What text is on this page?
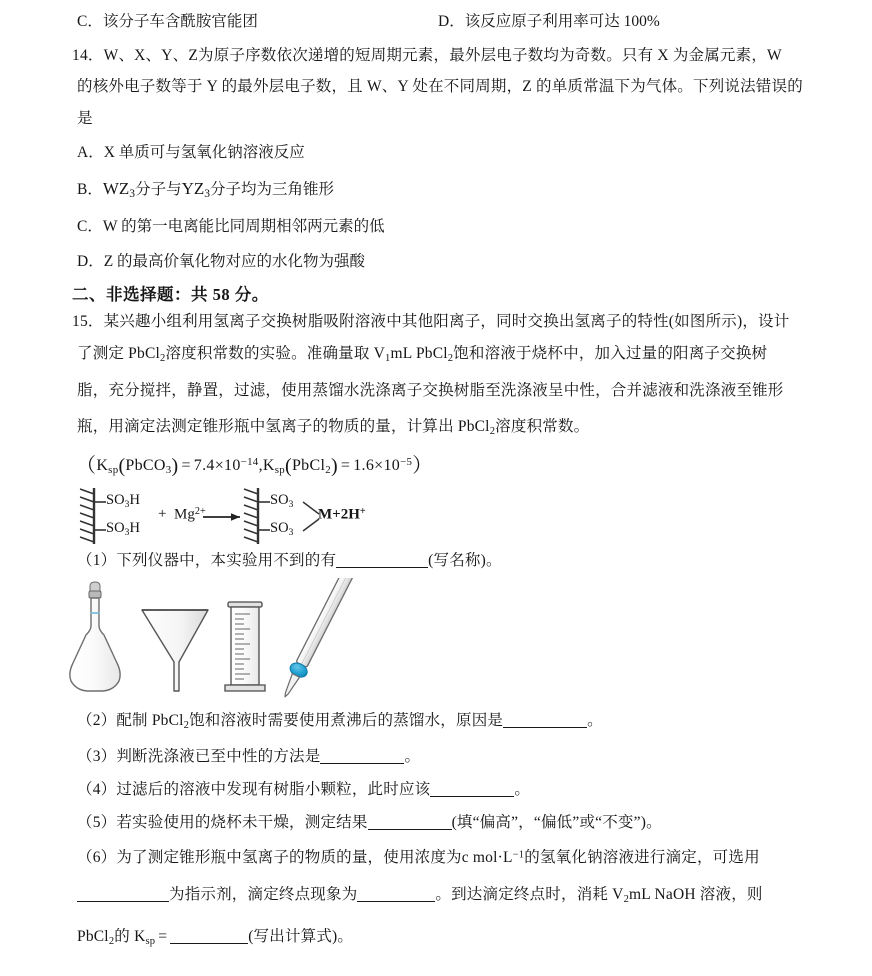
C．该分子车含酰胺官能团	D．该反应原子利用率可达 100%
14．W、X、Y、Z为原子序数依次递增的短周期元素，最外层电子数均为奇数。只有 X 为金属元素，W
的核外电子数等于 Y 的最外层电子数，且 W、Y 处在不同周期，Z 的单质常温下为气体。下列说法错误的
是
A．X 单质可与氢氧化钠溶液反应
B．$WZ_3$分子与$YZ_3$分子均为三角锥形
C．W 的第一电离能比同周期相邻两元素的低
D．Z 的最高价氧化物对应的水化物为强酸
二、非选择题：共 58 分。
15．某兴趣小组利用氢离子交换树脂吸附溶液中其他阳离子，同时交换出氢离子的特性(如图所示)，设计
了测定 PbCl$_2$溶度积常数的实验。准确量取 $V_1mL$ PbCl$_2$饱和溶液于烧杯中，加入过量的阳离子交换树
脂，充分搅拌，静置，过滤，使用蒸馏水洗涤离子交换树脂至洗涤液呈中性，合并滤液和洗涤液至锥形
瓶，用滴定法测定锥形瓶中氢离子的物质的量，计算出 PbCl$_2$溶度积常数。
（$K_{sp}(PbCO_3)$ = $7.4\times 10^{-14},K_{sp}(PbCl_2) = 1.6\times 10^{-5}$）
$SO_3H$
$SO_3H$
+ $Mg^{2+}$
$SO_3$
$SO_3$
M+2H+
（1）下列仪器中，本实验用不到的有	(写名称)。
（2）配制 PbCl$_2$饱和溶液时需要使用煮沸后的蒸馏水，原因是	。
（3）判断洗涤液已至中性的方法是	。
（4）过滤后的溶液中发现有树脂小颗粒，此时应该	。
（5）若实验使用的烧杯未干燥，测定结果	(填“偏高”，“偏低”或“不变”)。
（6）为了测定锥形瓶中氢离子的物质的量，使用浓度为c $mol\cdot L^{-1}$的氢氧化钠溶液进行滴定，可选用
为指示剂，滴定终点现象为	。到达滴定终点时，消耗 $V_2mL$ NaOH 溶液，则
PbCl$_2$的 $K_{sp}$ =	(写出计算式)。
